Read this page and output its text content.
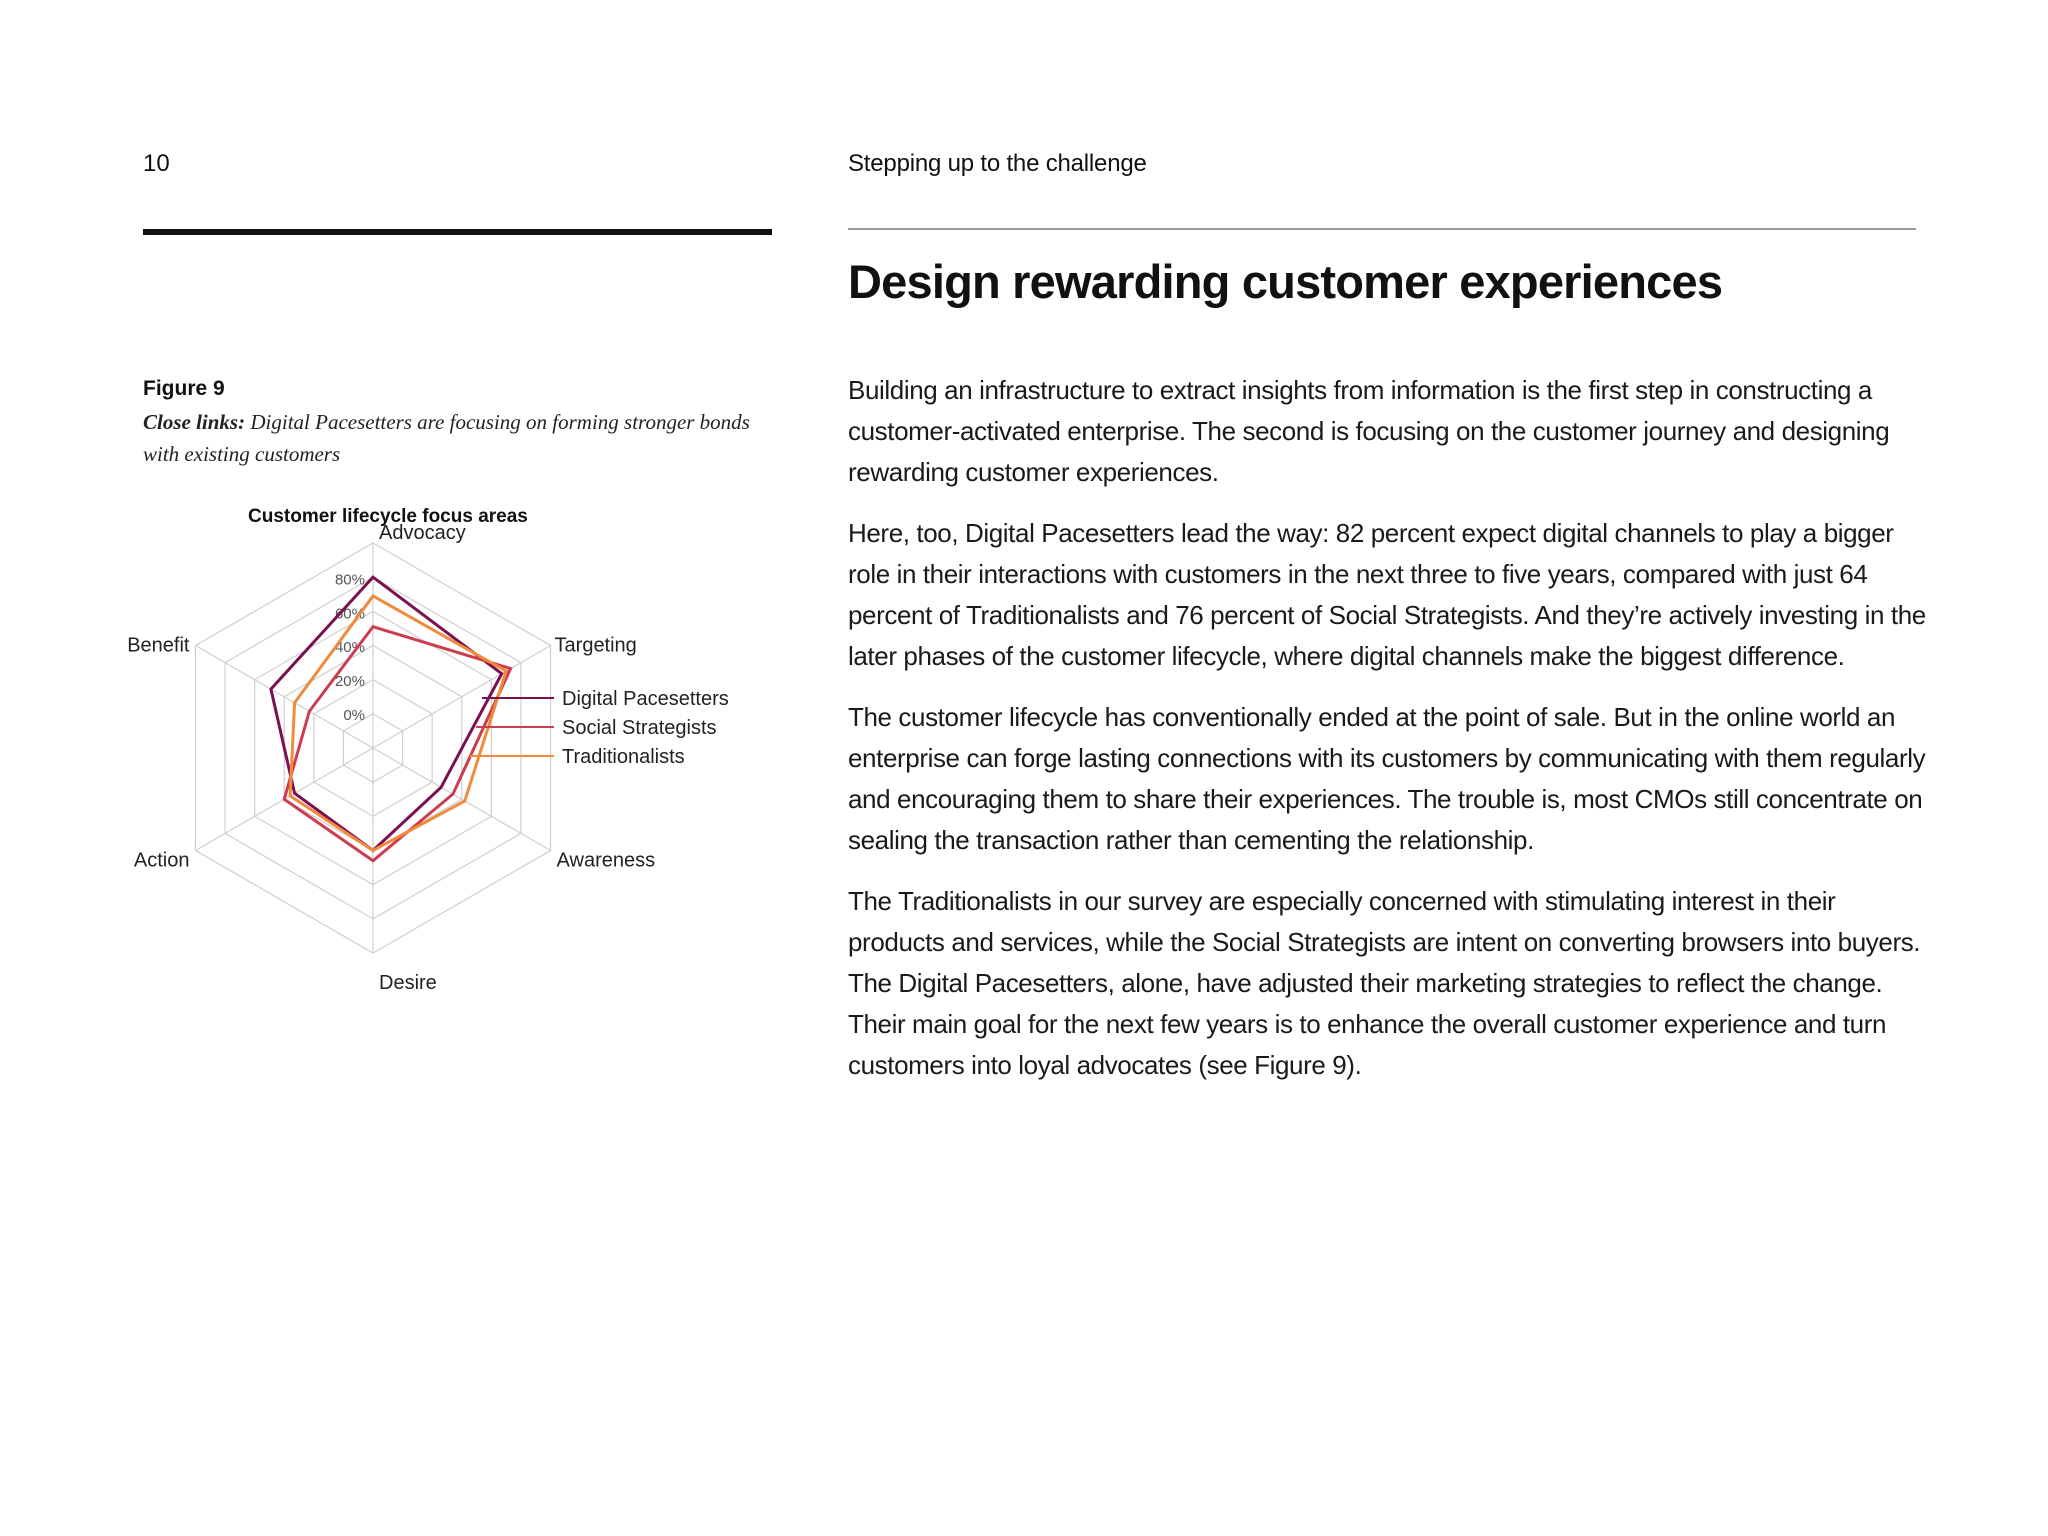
10	Stepping up to the challenge
Design rewarding customer experiences
Figure 9

Close links: Digital Pacesetters are focusing on forming stronger bonds with existing customers

Customer lifecycle focus areas
0%
20%
40%
60%
80%
Advocacy
Targeting
Awareness
Desire
Action
Benefit
Digital Pacesetters
Social Strategists
Traditionalists

Building an infrastructure to extract insights from information is the first step in constructing a customer-activated enterprise. The second is focusing on the customer journey and designing rewarding customer experiences.

Here, too, Digital Pacesetters lead the way: 82 percent expect digital channels to play a bigger role in their interactions with customers in the next three to five years, compared with just 64 percent of Traditionalists and 76 percent of Social Strategists. And they’re actively investing in the later phases of the customer lifecycle, where digital channels make the biggest difference.

The customer lifecycle has conventionally ended at the point of sale. But in the online world an enterprise can forge lasting connections with its customers by communicating with them regularly and encouraging them to share their experiences. The trouble is, most CMOs still concentrate on sealing the transaction rather than cementing the relationship.

The Traditionalists in our survey are especially concerned with stimulating interest in their products and services, while the Social Strategists are intent on converting browsers into buyers. The Digital Pacesetters, alone, have adjusted their marketing strategies to reflect the change. Their main goal for the next few years is to enhance the overall customer experience and turn customers into loyal advocates (see Figure 9).
